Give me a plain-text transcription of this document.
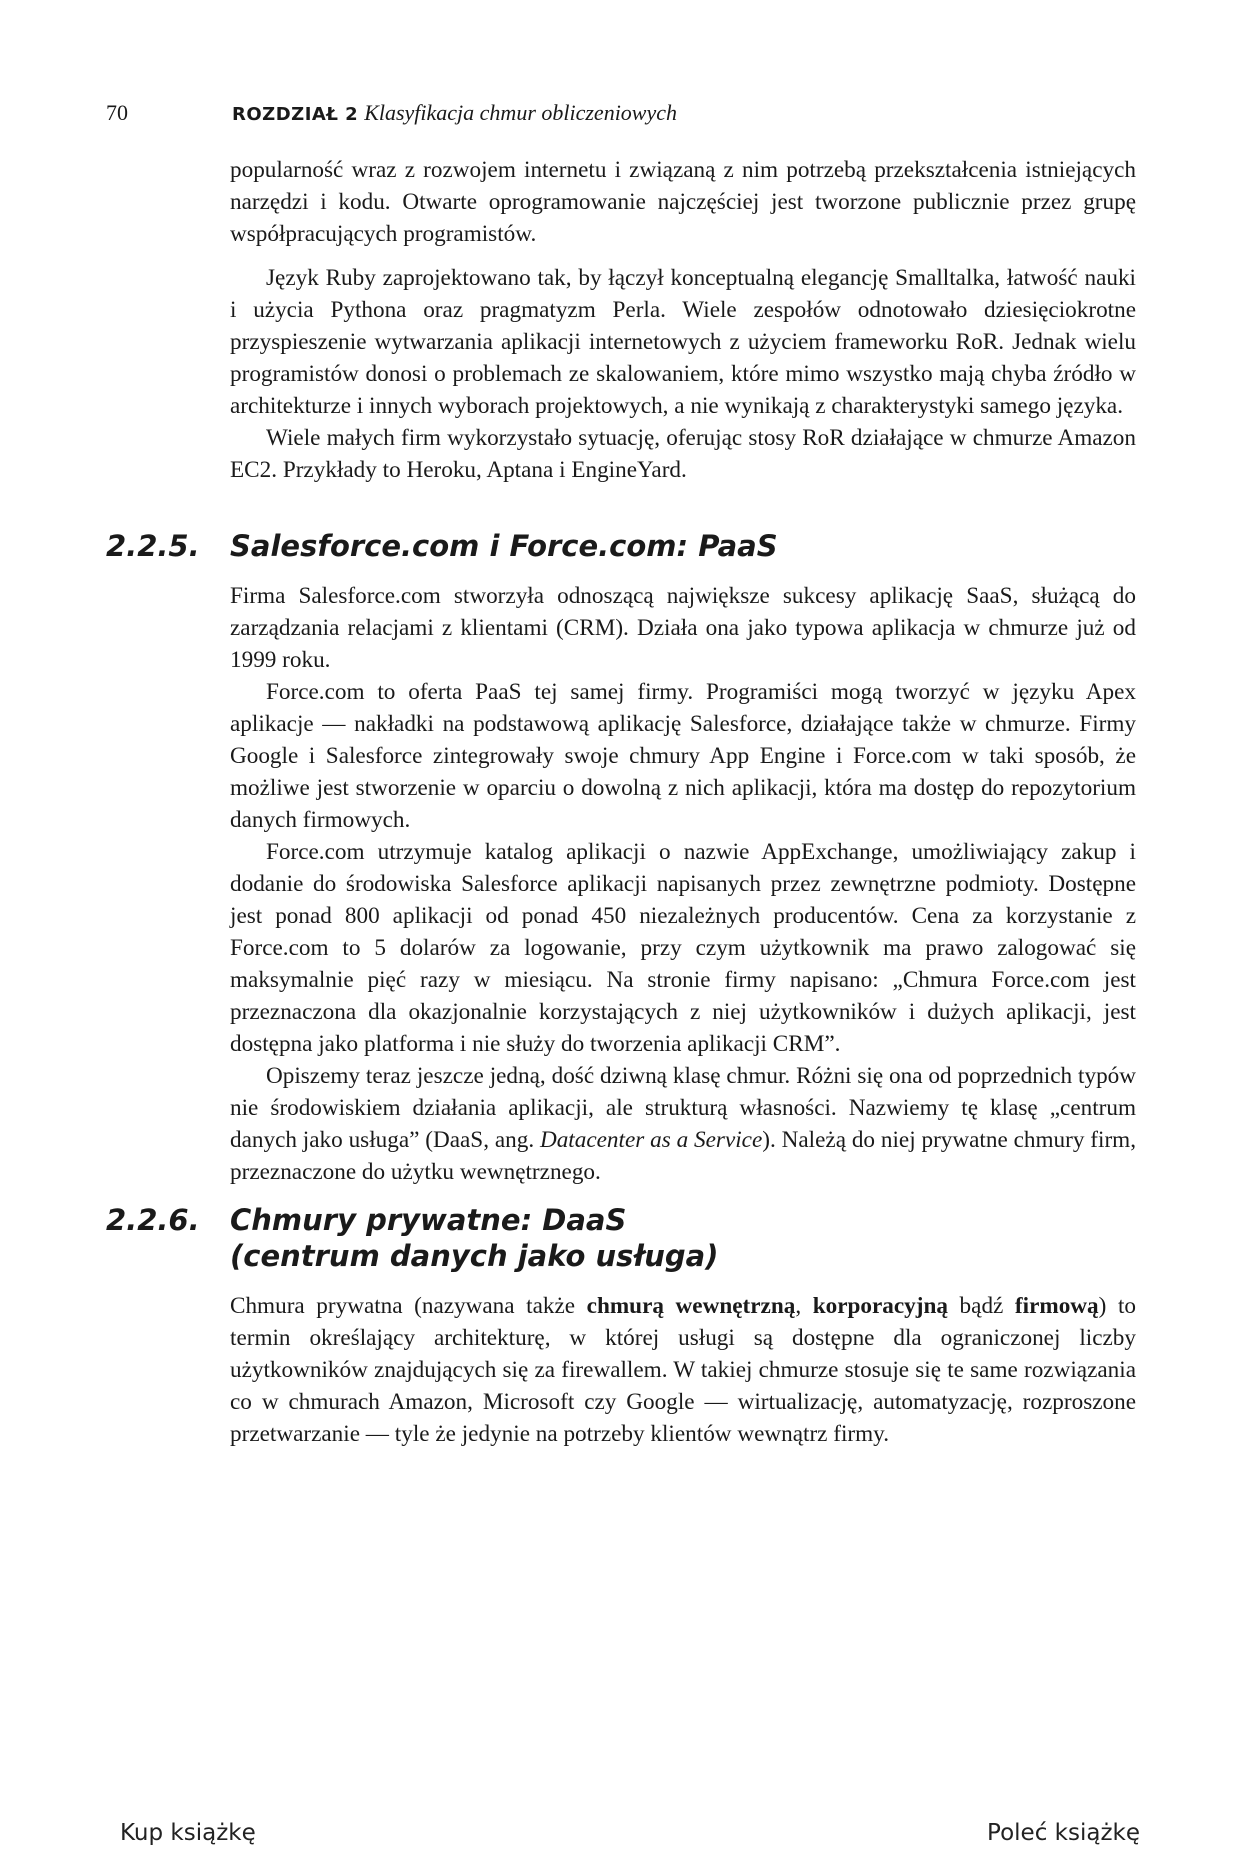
70	ROZDZIAŁ 2 Klasyfikacja chmur obliczeniowych

popularność wraz z rozwojem internetu i związaną z nim potrzebą przekształcenia istniejących narzędzi i kodu. Otwarte oprogramowanie najczęściej jest tworzone publicznie przez grupę współpracujących programistów.

Język Ruby zaprojektowano tak, by łączył konceptualną elegancję Smalltalka, łatwość nauki i użycia Pythona oraz pragmatyzm Perla. Wiele zespołów odnotowało dziesięciokrotne przyspieszenie wytwarzania aplikacji internetowych z użyciem frameworku RoR. Jednak wielu programistów donosi o problemach ze skalowaniem, które mimo wszystko mają chyba źródło w architekturze i innych wyborach projektowych, a nie wynikają z charakterystyki samego języka.

Wiele małych firm wykorzystało sytuację, oferując stosy RoR działające w chmurze Amazon EC2. Przykłady to Heroku, Aptana i EngineYard.

2.2.5.	Salesforce.com i Force.com: PaaS

Firma Salesforce.com stworzyła odnoszącą największe sukcesy aplikację SaaS, służącą do zarządzania relacjami z klientami (CRM). Działa ona jako typowa aplikacja w chmurze już od 1999 roku.

Force.com to oferta PaaS tej samej firmy. Programiści mogą tworzyć w języku Apex aplikacje — nakładki na podstawową aplikację Salesforce, działające także w chmurze. Firmy Google i Salesforce zintegrowały swoje chmury App Engine i Force.com w taki sposób, że możliwe jest stworzenie w oparciu o dowolną z nich aplikacji, która ma dostęp do repozytorium danych firmowych.

Force.com utrzymuje katalog aplikacji o nazwie AppExchange, umożliwiający zakup i dodanie do środowiska Salesforce aplikacji napisanych przez zewnętrzne podmioty. Dostępne jest ponad 800 aplikacji od ponad 450 niezależnych producentów. Cena za korzystanie z Force.com to 5 dolarów za logowanie, przy czym użytkownik ma prawo zalogować się maksymalnie pięć razy w miesiącu. Na stronie firmy napisano: „Chmura Force.com jest przeznaczona dla okazjonalnie korzystających z niej użytkowników i dużych aplikacji, jest dostępna jako platforma i nie służy do tworzenia aplikacji CRM”.

Opiszemy teraz jeszcze jedną, dość dziwną klasę chmur. Różni się ona od poprzednich typów nie środowiskiem działania aplikacji, ale strukturą własności. Nazwiemy tę klasę „centrum danych jako usługa” (DaaS, ang. Datacenter as a Service). Należą do niej prywatne chmury firm, przeznaczone do użytku wewnętrznego.

2.2.6.	Chmury prywatne: DaaS
(centrum danych jako usługa)

Chmura prywatna (nazywana także chmurą wewnętrzną, korporacyjną bądź firmową) to termin określający architekturę, w której usługi są dostępne dla ograniczonej liczby użytkowników znajdujących się za firewallem. W takiej chmurze stosuje się te same rozwiązania co w chmurach Amazon, Microsoft czy Google — wirtualizację, automatyzację, rozproszone przetwarzanie — tyle że jedynie na potrzeby klientów wewnątrz firmy.

Kup książkę	Poleć książkę
